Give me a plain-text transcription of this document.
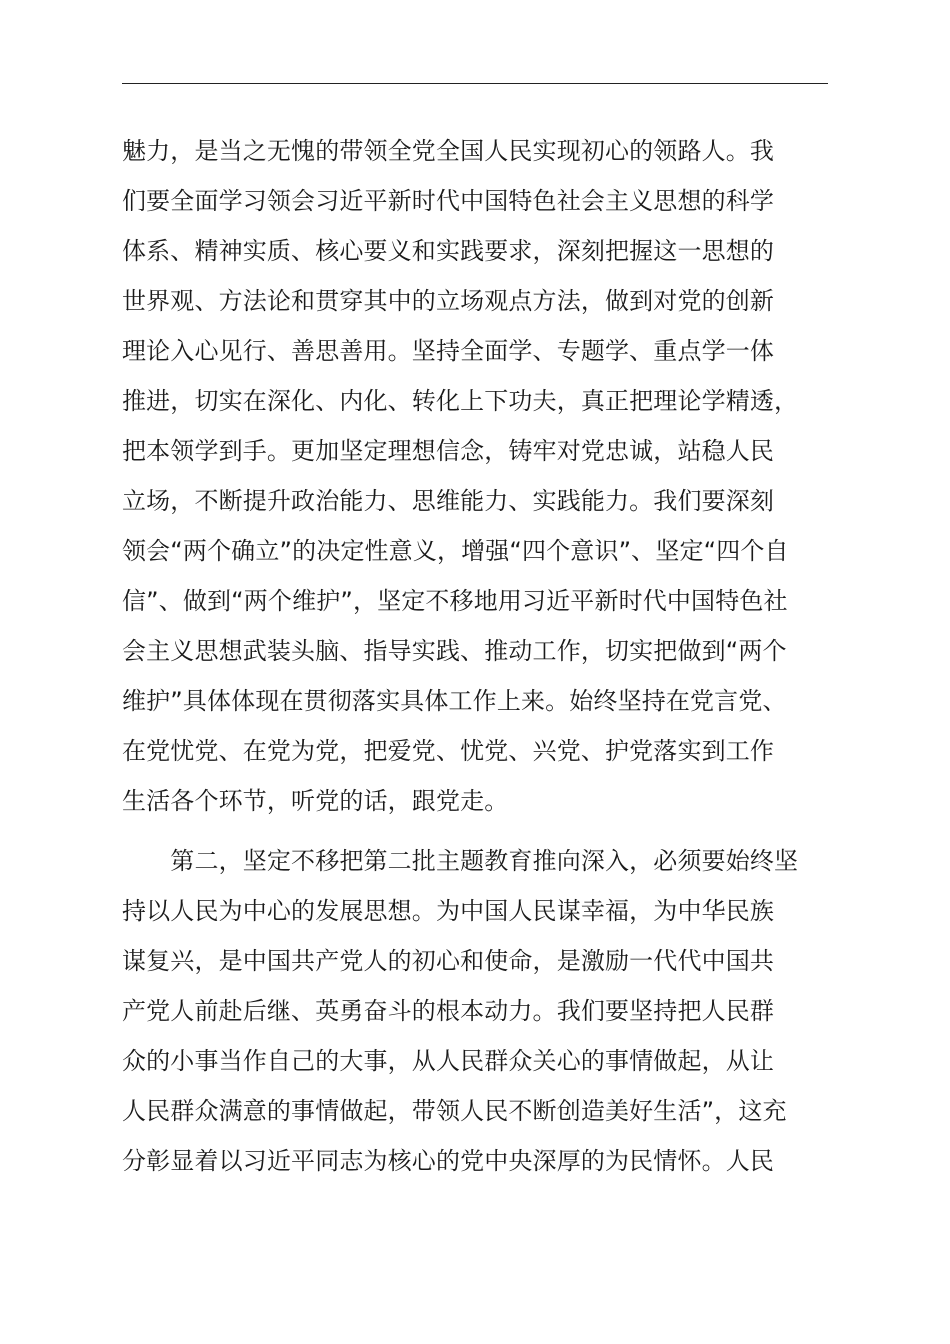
魅力，是当之无愧的带领全党全国人民实现初心的领路人。我
们要全面学习领会习近平新时代中国特色社会主义思想的科学
体系、精神实质、核心要义和实践要求，深刻把握这一思想的
世界观、方法论和贯穿其中的立场观点方法，做到对党的创新
理论入心见行、善思善用。坚持全面学、专题学、重点学一体
推进，切实在深化、内化、转化上下功夫，真正把理论学精透，
把本领学到手。更加坚定理想信念，铸牢对党忠诚，站稳人民
立场，不断提升政治能力、思维能力、实践能力。我们要深刻
领会“两个确立”的决定性意义，增强“四个意识”、坚定“四个自
信”、做到“两个维护”，坚定不移地用习近平新时代中国特色社
会主义思想武装头脑、指导实践、推动工作，切实把做到“两个
维护”具体体现在贯彻落实具体工作上来。始终坚持在党言党、
在党忧党、在党为党，把爱党、忧党、兴党、护党落实到工作
生活各个环节，听党的话，跟党走。
　　第二，坚定不移把第二批主题教育推向深入，必须要始终坚
持以人民为中心的发展思想。为中国人民谋幸福，为中华民族
谋复兴，是中国共产党人的初心和使命，是激励一代代中国共
产党人前赴后继、英勇奋斗的根本动力。我们要坚持把人民群
众的小事当作自己的大事，从人民群众关心的事情做起，从让
人民群众满意的事情做起，带领人民不断创造美好生活”，这充
分彰显着以习近平同志为核心的党中央深厚的为民情怀。人民
